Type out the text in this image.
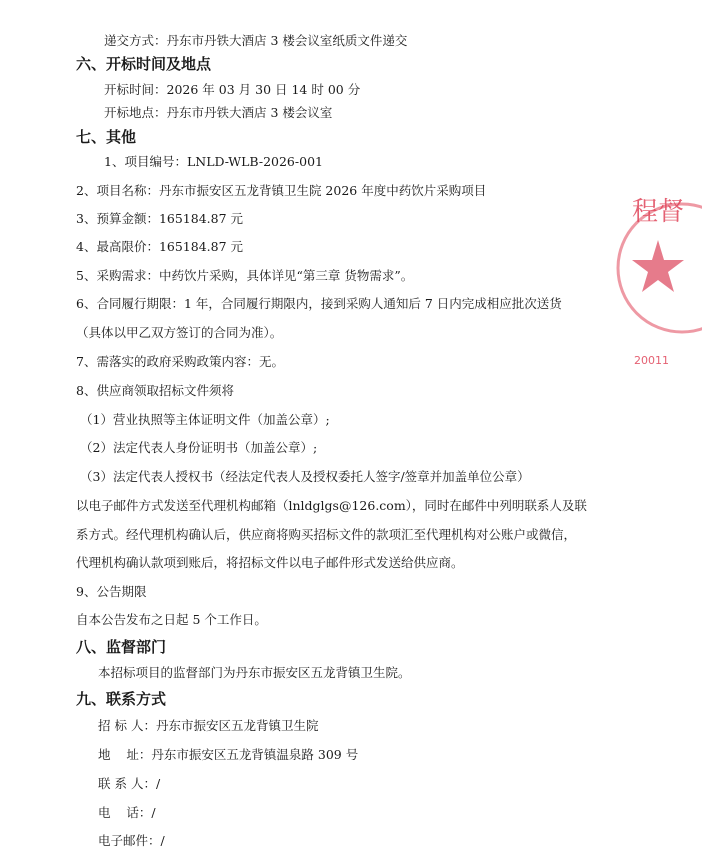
递交方式：丹东市丹铁大酒店 3 楼会议室纸质文件递交
六、开标时间及地点
开标时间：2026 年 03 月 30 日 14 时 00 分
开标地点：丹东市丹铁大酒店 3 楼会议室
七、其他
1、项目编号：LNLD-WLB-2026-001
2、项目名称：丹东市振安区五龙背镇卫生院 2026 年度中药饮片采购项目
3、预算金额：165184.87 元
4、最高限价：165184.87 元
5、采购需求：中药饮片采购，具体详见“第三章 货物需求”。
6、合同履行期限：1 年，合同履行期限内，接到采购人通知后 7 日内完成相应批次送货
（具体以甲乙双方签订的合同为准）。
7、需落实的政府采购政策内容：无。
8、供应商领取招标文件须将
（1）营业执照等主体证明文件（加盖公章）;
（2）法定代表人身份证明书（加盖公章）;
（3）法定代表人授权书（经法定代表人及授权委托人签字/签章并加盖单位公章）
以电子邮件方式发送至代理机构邮箱（lnldglgs@126.com），同时在邮件中列明联系人及联
系方式。经代理机构确认后，供应商将购买招标文件的款项汇至代理机构对公账户或微信，
代理机构确认款项到账后，将招标文件以电子邮件形式发送给供应商。
9、公告期限
自本公告发布之日起 5 个工作日。
八、监督部门
本招标项目的监督部门为丹东市振安区五龙背镇卫生院。
九、联系方式
招 标 人：丹东市振安区五龙背镇卫生院
地    址：丹东市振安区五龙背镇温泉路 309 号
联 系 人：/
电    话：/
电子邮件：/
程督
20011
